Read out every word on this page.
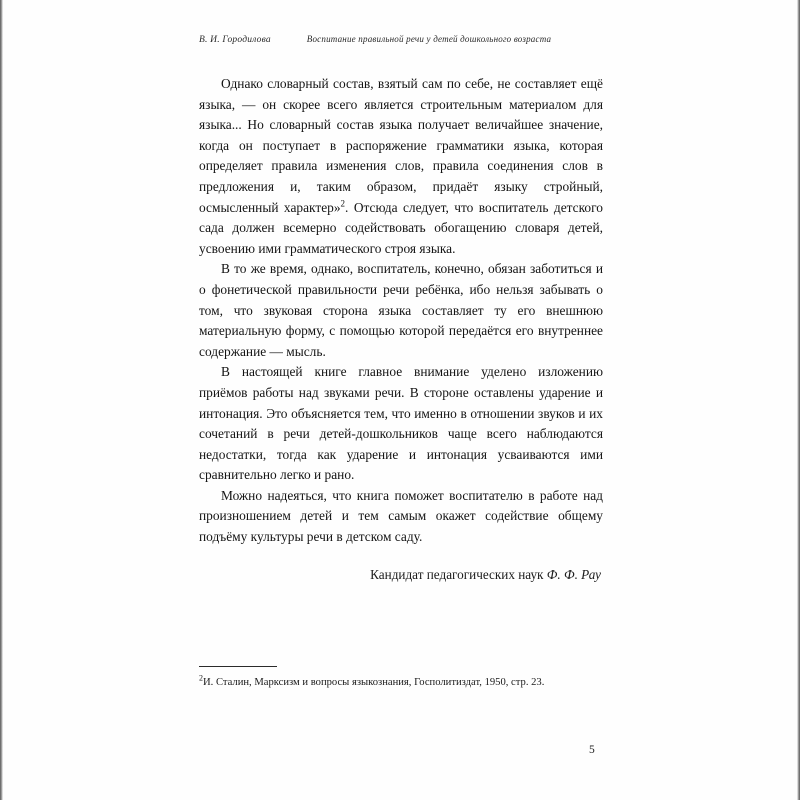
В. И. Городилова	Воспитание правильной речи у детей дошкольного возраста

Однако словарный состав, взятый сам по себе, не составляет ещё языка, — он скорее всего является строительным материалом для языка... Но словарный состав языка получает величайшее значение, когда он поступает в распоряжение грамматики языка, которая определяет правила изменения слов, правила соединения слов в предложения и, таким образом, придаёт языку стройный, осмысленный характер»$^2$. Отсюда следует, что воспитатель детского сада должен всемерно содействовать обогащению словаря детей, усвоению ими грамматического строя языка.

В то же время, однако, воспитатель, конечно, обязан заботиться и о фонетической правильности речи ребёнка, ибо нельзя забывать о том, что звуковая сторона языка составляет ту его внешнюю материальную форму, с помощью которой передаётся его внутреннее содержание — мысль.

В настоящей книге главное внимание уделено изложению приёмов работы над звуками речи. В стороне оставлены ударение и интонация. Это объясняется тем, что именно в отношении звуков и их сочетаний в речи детей-дошкольников чаще всего наблюдаются недостатки, тогда как ударение и интонация усваиваются ими сравнительно легко и рано.

Можно надеяться, что книга поможет воспитателю в работе над произношением детей и тем самым окажет содействие общему подъёму культуры речи в детском саду.

Кандидат педагогических наук Ф. Ф. Рау
$^2$И. Сталин, Марксизм и вопросы языкознания, Госполитиздат, 1950, стр. 23.
5
